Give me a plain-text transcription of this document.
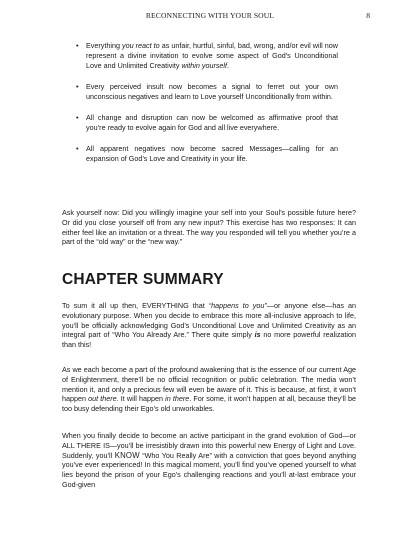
RECONNECTING WITH YOUR SOUL	8
• Everything you react to as unfair, hurtful, sinful, bad, wrong, and/or evil will now represent a divine invitation to evolve some aspect of God’s Unconditional Love and Unlimited Creativity within yourself.
• Every perceived insult now becomes a signal to ferret out your own unconscious negatives and learn to Love yourself Unconditionally from within.
• All change and disruption can now be welcomed as affirmative proof that you’re ready to evolve again for God and all live everywhere.
• All apparent negatives now become sacred Messages—calling for an expansion of God’s Love and Creativity in your life.
Ask yourself now: Did you willingly imagine your self into your Soul’s possible future here? Or did you close yourself off from any new input? This exercise has two responses: It can either feel like an invitation or a threat. The way you responded will tell you whether you’re a part of the “old way” or the “new way.”
CHAPTER SUMMARY
To sum it all up then, EVERYTHING that “happens to you”—or anyone else—has an evolutionary purpose. When you decide to embrace this more all-inclusive approach to life, you’ll be officially acknowledging God’s Unconditional Love and Unlimited Creativity as an integral part of “Who You Already Are.” There quite simply is no more powerful realization than this!
As we each become a part of the profound awakening that is the essence of our current Age of Enlightenment, there’ll be no official recognition or public celebration. The media won’t mention it, and only a precious few will even be aware of it. This is because, at first, it won’t happen out there. It will happen in there. For some, it won’t happen at all, because they’ll be too busy defending their Ego’s old unworkables.
When you finally decide to become an active participant in the grand evolution of God—or ALL THERE IS—you’ll be irresistibly drawn into this powerful new Energy of Light and Love. Suddenly, you’ll KNOW “Who You Really Are” with a conviction that goes beyond anything you’ve ever experienced! In this magical moment, you’ll find you’ve opened yourself to what lies beyond the prison of your Ego’s challenging reactions and you’ll at-last embrace your God-given
